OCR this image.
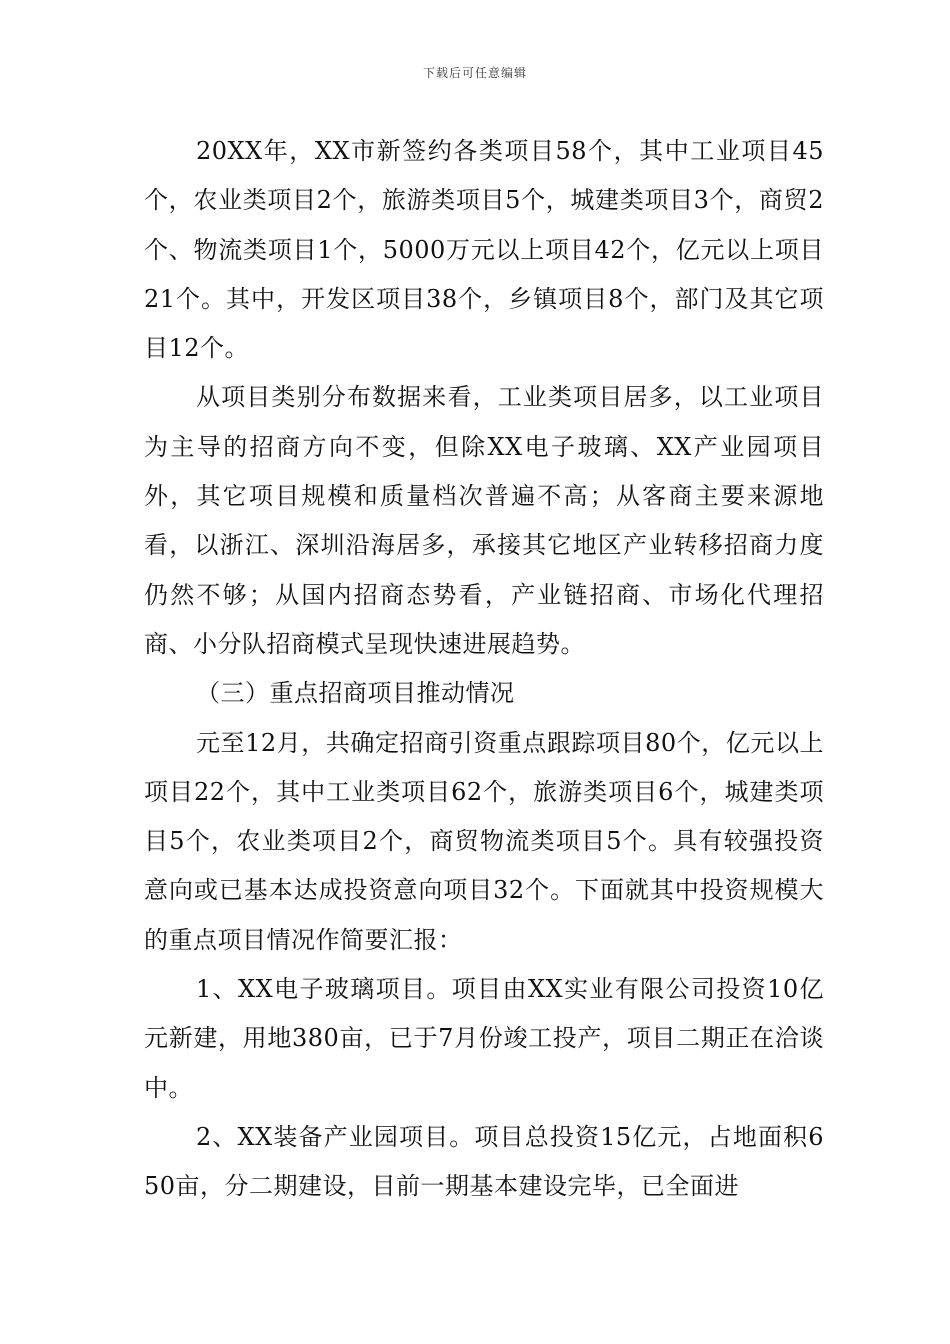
下载后可任意编辑

20XX年，XX市新签约各类项目58个，其中工业项目45个，农业类项目2个，旅游类项目5个，城建类项目3个，商贸2个、物流类项目1个，5000万元以上项目42个，亿元以上项目21个。其中，开发区项目38个，乡镇项目8个，部门及其它项目12个。

从项目类别分布数据来看，工业类项目居多，以工业项目为主导的招商方向不变，但除XX电子玻璃、XX产业园项目外，其它项目规模和质量档次普遍不高；从客商主要来源地看，以浙江、深圳沿海居多，承接其它地区产业转移招商力度仍然不够；从国内招商态势看，产业链招商、市场化代理招商、小分队招商模式呈现快速进展趋势。

（三）重点招商项目推动情况

元至12月，共确定招商引资重点跟踪项目80个，亿元以上项目22个，其中工业类项目62个，旅游类项目6个，城建类项目5个，农业类项目2个，商贸物流类项目5个。具有较强投资意向或已基本达成投资意向项目32个。下面就其中投资规模大的重点项目情况作简要汇报：

1、XX电子玻璃项目。项目由XX实业有限公司投资10亿元新建，用地380亩，已于7月份竣工投产，项目二期正在洽谈中。

2、XX装备产业园项目。项目总投资15亿元，占地面积650亩，分二期建设，目前一期基本建设完毕，已全面进
